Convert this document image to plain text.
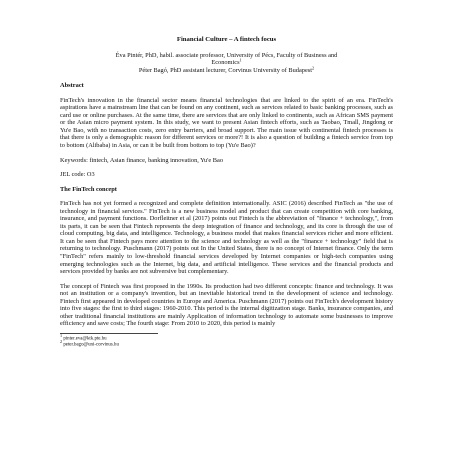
Financial Culture – A fintech focus
Éva Pintér, PhD, habil. associate professor, University of Pécs, Faculty of Business and
Economics$^1$
Péter Bagó, PhD assistant lecturer, Corvinus University of Budapest$^2$
Abstract

FinTech's innovation in the financial sector means financial technologies that are linked to the spirit of an era. FinTech's aspirations have a mainstream line that can be found on any continent, such as services related to basic banking processes, such as card use or online purchases. At the same time, there are services that are only linked to continents, such as African SMS payment or the Asian micro payment system. In this study, we want to present Asian fintech efforts, such as Taobao, Tmall, Jingdong or Yu'e Bao, with no transaction costs, zero entry barriers, and broad support. The main issue with continental fintech processes is that there is only a demographic reason for different services or more?! It is also a question of building a fintech service from top to bottom (Alibaba) in Asia, or can it be built from bottom to top (Yu'e Bao)?

Keywords: fintech, Asian finance, banking innovation, Yu'e Bao

JEL code: O3

The FinTech concept

FinTech has not yet formed a recognized and complete definition internationally. ASIC (2016) described FinTech as "the use of technology in financial services." FinTech is a new business model and product that can create competition with core banking, insurance, and payment functions. Dorfleitner et al (2017) points out Fintech is the abbreviation of "finance + technology,", from its parts, it can be seen that Fintech represents the deep integration of finance and technology, and its core is through the use of cloud computing, big data, and intelligence. Technology, a business model that makes financial services richer and more efficient. It can be seen that Fintech pays more attention to the science and technology as well as the "finance + technology" field that is returning to technology. Puschmann (2017) points out In the United States, there is no concept of Internet finance. Only the term "FinTech" refers mainly to low-threshold financial services developed by Internet companies or high-tech companies using emerging technologies such as the Internet, big data, and artificial intelligence. These services and the financial products and services provided by banks are not subversive but complementary.

The concept of Fintech was first proposed in the 1990s. Its production had two different concepts: finance and technology. It was not an institution or a company's invention, but an inevitable historical trend in the development of science and technology. Fintech first appeared in developed countries in Europe and America. Puschmann (2017) points out FinTech's development history into five stages: the first to third stages: 1960-2010. This period is the internal digitization stage. Banks, insurance companies, and other traditional financial institutions are mainly Application of information technology to automate some businesses to improve efficiency and save costs; The fourth stage: From 2010 to 2020, this period is mainly

$^1$ pinter.eva@ktk.pte.hu
$^2$ peter.bago@uni-corvinus.hu
